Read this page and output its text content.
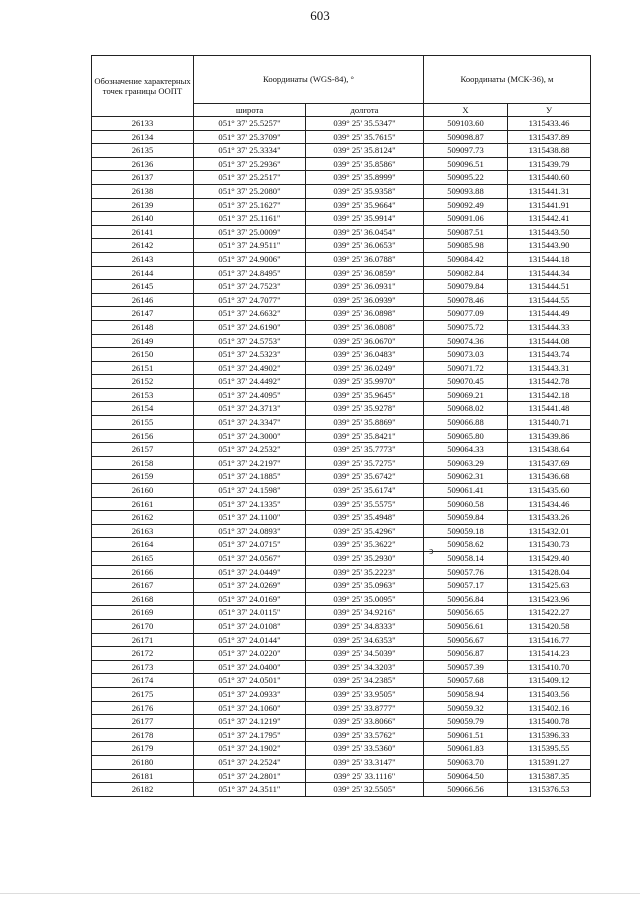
603
Обозначение характерных точек границы ООПТ	Координаты (WGS-84), °		Координаты (МСК-36), м	
	широта	долгота	X	У
26133	051° 37' 25.5257"	039° 25' 35.5347"	509103.60	1315433.46
26134	051° 37' 25.3709"	039° 25' 35.7615"	509098.87	1315437.89
26135	051° 37' 25.3334"	039° 25' 35.8124"	509097.73	1315438.88
26136	051° 37' 25.2936"	039° 25' 35.8586"	509096.51	1315439.79
26137	051° 37' 25.2517"	039° 25' 35.8999"	509095.22	1315440.60
26138	051° 37' 25.2080"	039° 25' 35.9358"	509093.88	1315441.31
26139	051° 37' 25.1627"	039° 25' 35.9664"	509092.49	1315441.91
26140	051° 37' 25.1161"	039° 25' 35.9914"	509091.06	1315442.41
26141	051° 37' 25.0009"	039° 25' 36.0454"	509087.51	1315443.50
26142	051° 37' 24.9511"	039° 25' 36.0653"	509085.98	1315443.90
26143	051° 37' 24.9006"	039° 25' 36.0788"	509084.42	1315444.18
26144	051° 37' 24.8495"	039° 25' 36.0859"	509082.84	1315444.34
26145	051° 37' 24.7523"	039° 25' 36.0931"	509079.84	1315444.51
26146	051° 37' 24.7077"	039° 25' 36.0939"	509078.46	1315444.55
26147	051° 37' 24.6632"	039° 25' 36.0898"	509077.09	1315444.49
26148	051° 37' 24.6190"	039° 25' 36.0808"	509075.72	1315444.33
26149	051° 37' 24.5753"	039° 25' 36.0670"	509074.36	1315444.08
26150	051° 37' 24.5323"	039° 25' 36.0483"	509073.03	1315443.74
26151	051° 37' 24.4902"	039° 25' 36.0249"	509071.72	1315443.31
26152	051° 37' 24.4492"	039° 25' 35.9970"	509070.45	1315442.78
26153	051° 37' 24.4095"	039° 25' 35.9645"	509069.21	1315442.18
26154	051° 37' 24.3713"	039° 25' 35.9278"	509068.02	1315441.48
26155	051° 37' 24.3347"	039° 25' 35.8869"	509066.88	1315440.71
26156	051° 37' 24.3000"	039° 25' 35.8421"	509065.80	1315439.86
26157	051° 37' 24.2532"	039° 25' 35.7773"	509064.33	1315438.64
26158	051° 37' 24.2197"	039° 25' 35.7275"	509063.29	1315437.69
26159	051° 37' 24.1885"	039° 25' 35.6742"	509062.31	1315436.68
26160	051° 37' 24.1598"	039° 25' 35.6174"	509061.41	1315435.60
26161	051° 37' 24.1335"	039° 25' 35.5575"	509060.58	1315434.46
26162	051° 37' 24.1100"	039° 25' 35.4948"	509059.84	1315433.26
26163	051° 37' 24.0893"	039° 25' 35.4296"	509059.18	1315432.01
26164	051° 37' 24.0715"	039° 25' 35.3622"	509058.62	1315430.73
26165	051° 37' 24.0567"	039° 25' 35.2930"	509058.14	1315429.40
26166	051° 37' 24.0449"	039° 25' 35.2223"	509057.76	1315428.04
26167	051° 37' 24.0269"	039° 25' 35.0963"	509057.17	1315425.63
26168	051° 37' 24.0169"	039° 25' 35.0095"	509056.84	1315423.96
26169	051° 37' 24.0115"	039° 25' 34.9216"	509056.65	1315422.27
26170	051° 37' 24.0108"	039° 25' 34.8333"	509056.61	1315420.58
26171	051° 37' 24.0144"	039° 25' 34.6353"	509056.67	1315416.77
26172	051° 37' 24.0220"	039° 25' 34.5039"	509056.87	1315414.23
26173	051° 37' 24.0400"	039° 25' 34.3203"	509057.39	1315410.70
26174	051° 37' 24.0501"	039° 25' 34.2385"	509057.68	1315409.12
26175	051° 37' 24.0933"	039° 25' 33.9505"	509058.94	1315403.56
26176	051° 37' 24.1060"	039° 25' 33.8777"	509059.32	1315402.16
26177	051° 37' 24.1219"	039° 25' 33.8066"	509059.79	1315400.78
26178	051° 37' 24.1795"	039° 25' 33.5762"	509061.51	1315396.33
26179	051° 37' 24.1902"	039° 25' 33.5360"	509061.83	1315395.55
26180	051° 37' 24.2524"	039° 25' 33.3147"	509063.70	1315391.27
26181	051° 37' 24.2801"	039° 25' 33.1116"	509064.50	1315387.35
26182	051° 37' 24.3511"	039° 25' 32.5505"	509066.56	1315376.53
ↄ
